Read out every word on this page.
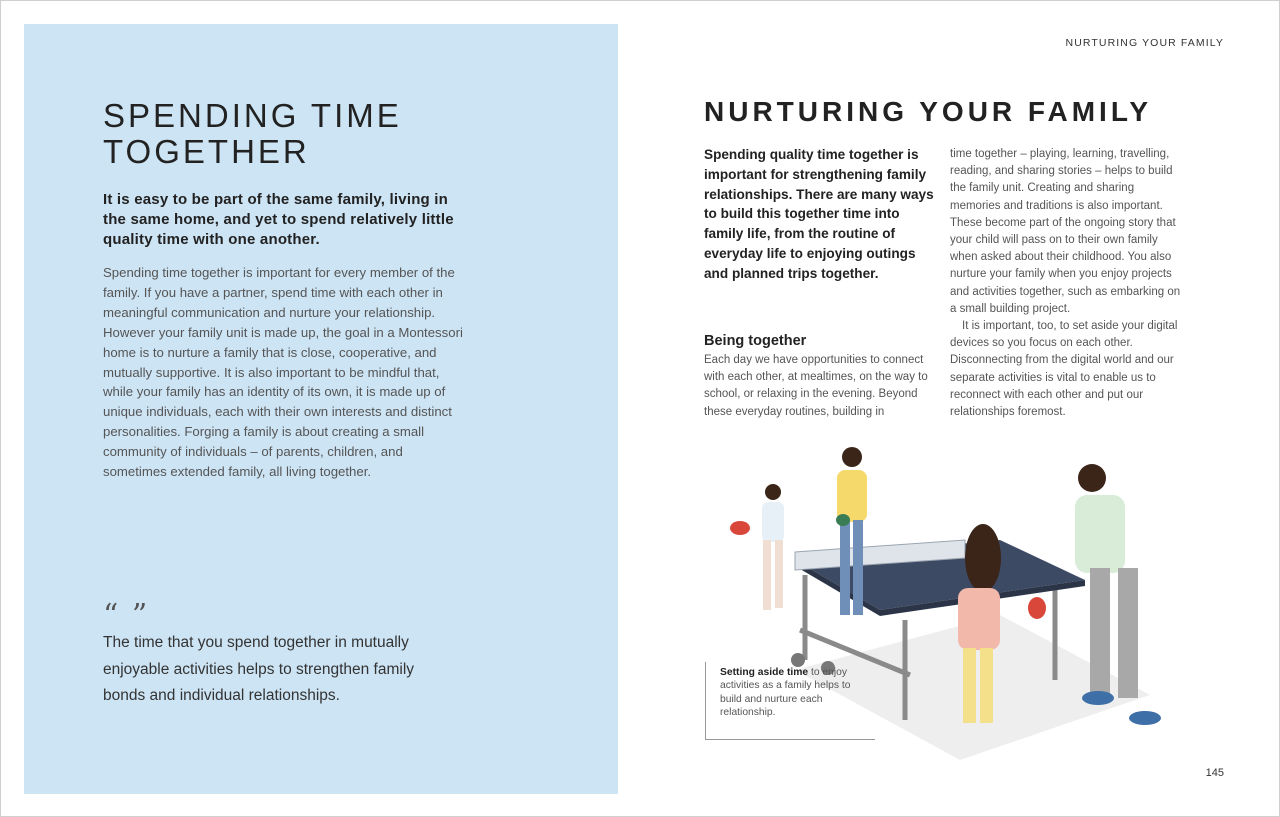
SPENDING TIME
TOGETHER

It is easy to be part of the same family, living in the same home, and yet to spend relatively little quality time with one another.

Spending time together is important for every member of the family. If you have a partner, spend time with each other in meaningful communication and nurture your relationship. However your family unit is made up, the goal in a Montessori home is to nurture a family that is close, cooperative, and mutually supportive. It is also important to be mindful that, while your family has an identity of its own, it is made up of unique individuals, each with their own interests and distinct personalities. Forging a family is about creating a small community of individuals – of parents, children, and sometimes extended family, all living together.

“ ”

The time that you spend together in mutually enjoyable activities helps to strengthen family bonds and individual relationships.

NURTURING YOUR FAMILY
NURTURING YOUR FAMILY

Spending quality time together is important for strengthening family relationships. There are many ways to build this together time into family life, from the routine of everyday life to enjoying outings and planned trips together.

Being together

Each day we have opportunities to connect with each other, at mealtimes, on the way to school, or relaxing in the evening. Beyond these everyday routines, building in

time together – playing, learning, travelling, reading, and sharing stories – helps to build the family unit. Creating and sharing memories and traditions is also important. These become part of the ongoing story that your child will pass on to their own family when asked about their childhood. You also nurture your family when you enjoy projects and activities together, such as embarking on a small building project.

It is important, too, to set aside your digital devices so you focus on each other. Disconnecting from the digital world and our separate activities is vital to enable us to reconnect with each other and put our relationships foremost.

Setting aside time to enjoy activities as a family helps to build and nurture each relationship.
145
